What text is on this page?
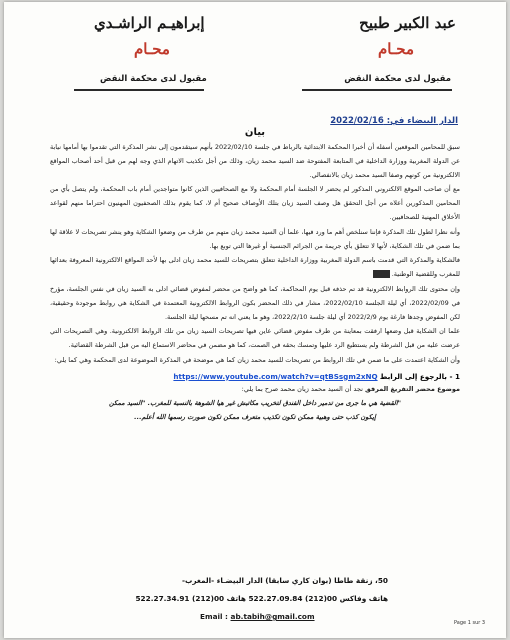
عبد الكبير طبيح
محـام
مقبول لدى محكمة النقض
إبراهيـم الراشـدي
محـام
مقبول لدى محكمة النقض
الدار البيضاء في: 2022/02/16
بيان

سبق للمحامين الموقعين أسفله أن أخبرا المحكمة الابتدائية بالرباط في جلسة 2022/02/10 بأنهم سيتقدمون إلى نشر المذكرة التي تقدموا بها أمامها نيابة عن الدولة المغربية ووزارة الداخلية في المتابعة المفتوحة ضد السيد محمد زيان، وذلك من أجل تكذيب الاتهام الذي وجه لهم من قبل أحد أصحاب المواقع الالكترونية من كونهم وصفا السيد محمد زيان بالانفصالي.

مع أن صاحب الموقع الالكتروني المذكور لم يحضر لا الجلسة أمام المحكمة ولا مع الصحافيين الذين كانوا متواجدين أمام باب المحكمة، ولم يتصل بأي من المحامين المذكورين أعلاه من أجل التحقق هل وصف السيد زيان بتلك الأوصاف صحيح أم لا، كما يقوم بذلك الصحفيون المهنيون احتراما منهم لقواعد الأخلاق المهنية للصحافيين.

وأنه نظرا لطول تلك المذكرة فإننا سنلخص أهم ما ورد فيها، علما أن السيد محمد زيان متهم من طرف من وضعوا الشكاية وهو ينشر تصريحات لا علاقة لها بما ضمن في تلك الشكاية، لأنها لا تتعلق بأي جريمة من الجرائم الجنسية أو غيرها التي توبع بها.

فالشكاية والمذكرة التي قدمت باسم الدولة المغربية ووزارة الداخلية تتعلق بتصريحات للسيد محمد زيان ادلى بها لأحد المواقع الالكترونية المعروفة بعدائها للمغرب وللقضية الوطنية.

وإن محتوى تلك الروابط الالكترونية قد تم حذفه قبل يوم المحاكمة، كما هو واضح من محضر لمفوض قضائي ادلى به السيد زيان في نفس الجلسة، مؤرخ في 2022/02/09، أي ليلة الجلسة 2022/02/10، مشار في ذلك المحضر بكون الروابط الالكترونية المعتمدة في الشكاية هي روابط موجودة وحقيقية، لكن المفوض وجدها فارغة يوم 2022/2/9 أي ليلة جلسة 2022/2/10، وهو ما يعني انه تم مسحها ليلة الجلسة.

علما ان الشكاية قبل وضعها ارفقت بمعاينة من طرف مفوض قضائي عاين فيها تصريحات السيد زيان من تلك الروابط الالكترونية. وهي التصريحات التي عرضت عليه من قبل الشرطة ولم يستطيع الرد عليها وتمسك بحقه في الصمت، كما هو مضمن في محاضر الاستماع اليه من قبل الشرطة القضائية.

وأن الشكاية اعتمدت على ما ضمن في تلك الروابط من تصريحات للسيد محمد زيان كما هي موضحة في المذكرة الموضوعة لدى المحكمة وهي كما يلي:

1 - بالرجوع إلى الرابط https://www.youtube.com/watch?v=qtBSsgm2xNQ
موضوع محضر التفريغ المرفق نجد أن السيد محمد زيان محمد صرح بما يلي:
"القضية هي ما جرى من تدمير داخل الفندق لتخريب مكاتبش غير هيا الشوهة بالنسبة للمغرب. "السيد ممكن
إيكون كذب حتى وهبية ممكن تكون تكذيب متعرف ممكن تكون صورت رسمها الله أعلم...
50، زنقة طاطا (بوان كاري سابقا) الدار البيضـاء -المغرب-
هاتف وفاكس 00(212) 522.27.09.84 هاتف 00(212) 522.27.34.91
Email : ab.tabih@gmail.com
Page 1 sur 3
